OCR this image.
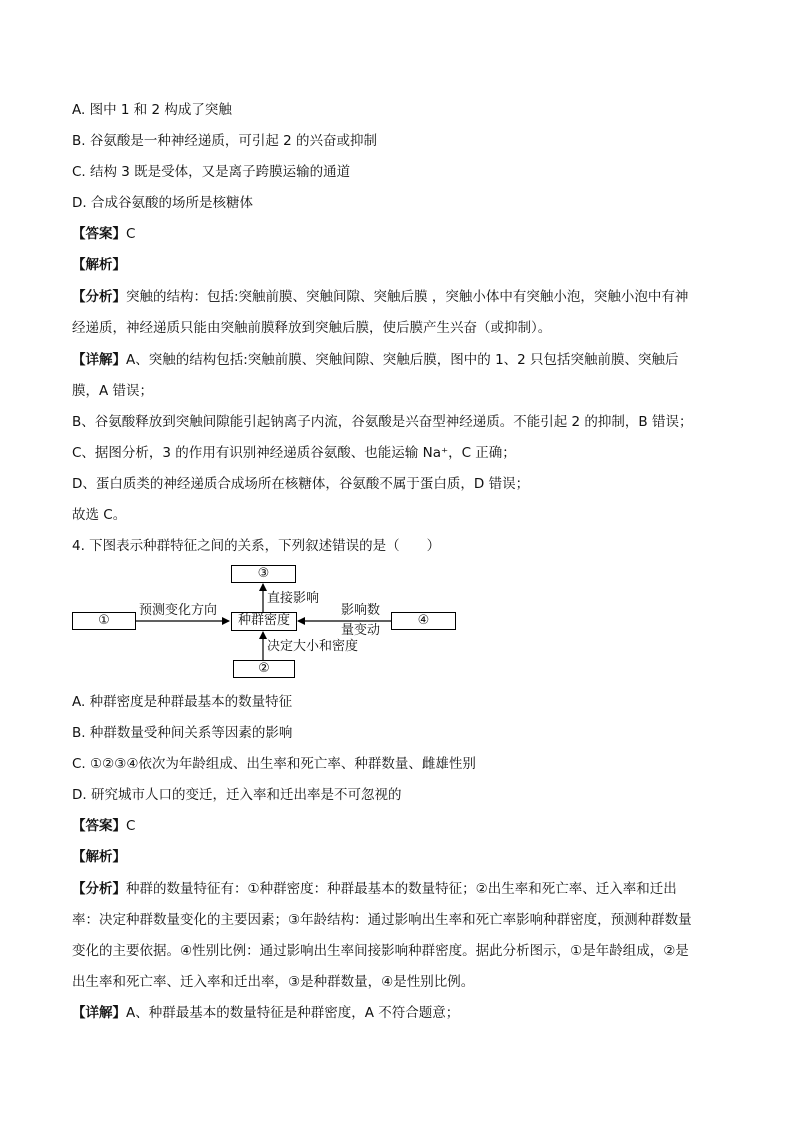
A. 图中 1 和 2 构成了突触
B. 谷氨酸是一种神经递质，可引起 2 的兴奋或抑制
C. 结构 3 既是受体，又是离子跨膜运输的通道
D. 合成谷氨酸的场所是核糖体
【答案】C
【解析】
【分析】突触的结构：包括:突触前膜、突触间隙、突触后膜 ，突触小体中有突触小泡，突触小泡中有神
经递质，神经递质只能由突触前膜释放到突触后膜，使后膜产生兴奋（或抑制）。
【详解】A、突触的结构包括:突触前膜、突触间隙、突触后膜，图中的 1、2 只包括突触前膜、突触后
膜，A 错误；
B、谷氨酸释放到突触间隙能引起钠离子内流，谷氨酸是兴奋型神经递质。不能引起 2 的抑制，B 错误；
C、据图分析，3 的作用有识别神经递质谷氨酸、也能运输 Na⁺，C 正确；
D、蛋白质类的神经递质合成场所在核糖体，谷氨酸不属于蛋白质，D 错误；
故选 C。
4. 下图表示种群特征之间的关系，下列叙述错误的是（　　）
①
③
种群密度	④
②
预测变化方向
直接影响
决定大小和密度
影响数
量变动
A. 种群密度是种群最基本的数量特征
B. 种群数量受种间关系等因素的影响
C. ①②③④依次为年龄组成、出生率和死亡率、种群数量、雌雄性别
D. 研究城市人口的变迁，迁入率和迁出率是不可忽视的
【答案】C
【解析】
【分析】种群的数量特征有：①种群密度：种群最基本的数量特征；②出生率和死亡率、迁入率和迁出
率：决定种群数量变化的主要因素；③年龄结构：通过影响出生率和死亡率影响种群密度，预测种群数量
变化的主要依据。④性别比例：通过影响出生率间接影响种群密度。据此分析图示，①是年龄组成，②是
出生率和死亡率、迁入率和迁出率，③是种群数量，④是性别比例。
【详解】A、种群最基本的数量特征是种群密度，A 不符合题意；
